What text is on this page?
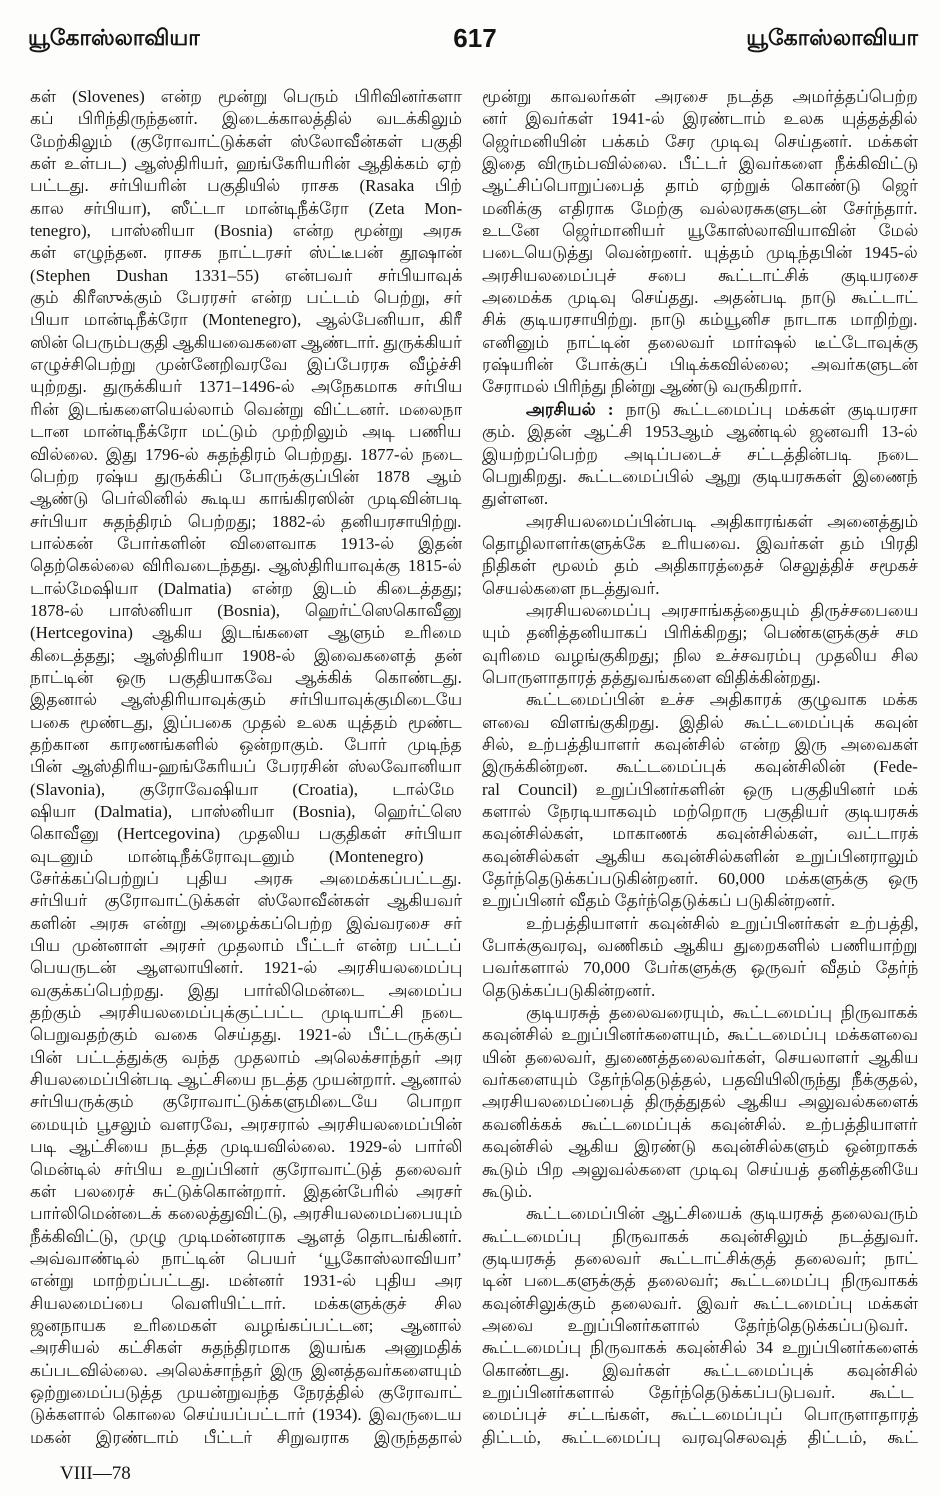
யூகோஸ்லாவியா	617	யூகோஸ்லாவியா
கள் (Slovenes) என்ற மூன்று பெரும் பிரிவினர்களா
கப் பிரிந்திருந்தனர். இடைக்காலத்தில் வடக்கிலும்
மேற்கிலும் (குரோவாட்டுக்கள் ஸ்லோவீன்கள் பகுதி
கள் உள்பட) ஆஸ்திரியர், ஹங்கேரியரின் ஆதிக்கம் ஏற்
பட்டது. சர்பியரின் பகுதியில் ராசக (Rasaka பிற்
கால சர்பியா), ஸீட்டா மான்டிநீக்ரோ (Zeta Mon-
tenegro), பாஸ்னியா (Bosnia) என்ற மூன்று அரசு
கள் எழுந்தன. ராசக நாட்டரசர் ஸ்ட்டீபன் தூஷான்
(Stephen Dushan 1331–55) என்பவர் சர்பியாவுக்
கும் கிரீஸுக்கும் பேரரசர் என்ற பட்டம் பெற்று, சர்
பியா மான்டிநீக்ரோ (Montenegro), ஆல்பேனியா, கிரீ
ஸின் பெரும்பகுதி ஆகியவைகளை ஆண்டார். துருக்கியர்
எழுச்சிபெற்று முன்னேறிவரவே இப்பேரரசு வீழ்ச்சி
யுற்றது. துருக்கியர் 1371–1496-ல் அநேகமாக சர்பிய
ரின் இடங்களையெல்லாம் வென்று விட்டனர். மலைநா
டான மான்டிநீக்ரோ மட்டும் முற்றிலும் அடி பணிய
வில்லை. இது 1796-ல் சுதந்திரம் பெற்றது. 1877-ல் நடை
பெற்ற ரஷ்ய துருக்கிப் போருக்குப்பின் 1878 ஆம்
ஆண்டு பெர்லினில் கூடிய காங்கிரஸின் முடிவின்படி
சர்பியா சுதந்திரம் பெற்றது; 1882-ல் தனியரசாயிற்று.
பால்கன் போர்களின் விளைவாக 1913-ல் இதன்
தெற்கெல்லை விரிவடைந்தது. ஆஸ்திரியாவுக்கு 1815-ல்
டால்மேஷியா (Dalmatia) என்ற இடம் கிடைத்தது;
1878-ல் பாஸ்னியா (Bosnia), ஹெர்ட்ஸெகொவீனு
(Hertcegovina) ஆகிய இடங்களை ஆளும் உரிமை
கிடைத்தது; ஆஸ்திரியா 1908-ல் இவைகளைத் தன்
நாட்டின் ஒரு பகுதியாகவே ஆக்கிக் கொண்டது.
இதனால் ஆஸ்திரியாவுக்கும் சர்பியாவுக்குமிடையே
பகை மூண்டது, இப்பகை முதல் உலக யுத்தம் மூண்ட
தற்கான காரணங்களில் ஒன்றாகும். போர் முடிந்த
பின் ஆஸ்திரிய-ஹங்கேரியப் பேரரசின் ஸ்லவோனியா
(Slavonia), குரோவேஷியா (Croatia), டால்மே
ஷியா (Dalmatia), பாஸ்னியா (Bosnia), ஹெர்ட்ஸெ
கொவீனு (Hertcegovina) முதலிய பகுதிகள் சர்பியா
வுடனும் மான்டிநீக்ரோவுடனும் (Montenegro)
சேர்க்கப்பெற்றுப் புதிய அரசு அமைக்கப்பட்டது.
சர்பியர் குரோவாட்டுக்கள் ஸ்லோவீன்கள் ஆகியவர்
களின் அரசு என்று அழைக்கப்பெற்ற இவ்வரசை சர்
பிய முன்னாள் அரசர் முதலாம் பீட்டர் என்ற பட்டப்
பெயருடன் ஆளலாயினர். 1921-ல் அரசியலமைப்பு
வகுக்கப்பெற்றது. இது பார்லிமென்டை அமைப்ப
தற்கும் அரசியலமைப்புக்குட்பட்ட முடியாட்சி நடை
பெறுவதற்கும் வகை செய்தது. 1921-ல் பீட்டருக்குப்
பின் பட்டத்துக்கு வந்த முதலாம் அலெக்சாந்தர் அர
சியலமைப்பின்படி ஆட்சியை நடத்த முயன்றார். ஆனால்
சர்பியருக்கும் குரோவாட்டுக்களுமிடையே பொறா
மையும் பூசலும் வளரவே, அரசரால் அரசியலமைப்பின்
படி ஆட்சியை நடத்த முடியவில்லை. 1929-ல் பார்லி
மென்டில் சர்பிய உறுப்பினர் குரோவாட்டுத் தலைவர்
கள் பலரைச் சுட்டுக்கொன்றார். இதன்பேரில் அரசர்
பார்லிமென்டைக் கலைத்துவிட்டு, அரசியலமைப்பையும்
நீக்கிவிட்டு, முழு முடிமன்னராக ஆளத் தொடங்கினர்.
அவ்வாண்டில் நாட்டின் பெயர் ‘யூகோஸ்லாவியா’
என்று மாற்றப்பட்டது. மன்னர் 1931-ல் புதிய அர
சியலமைப்பை வெளியிட்டார். மக்களுக்குச் சில
ஜனநாயக உரிமைகள் வழங்கப்பட்டன; ஆனால்
அரசியல் கட்சிகள் சுதந்திரமாக இயங்க அனுமதிக்
கப்படவில்லை. அலெக்சாந்தர் இரு இனத்தவர்களையும்
ஒற்றுமைப்படுத்த முயன்றுவந்த நேரத்தில் குரோவாட்
டுக்களால் கொலை செய்யப்பட்டார் (1934). இவருடைய
மகன் இரண்டாம் பீட்டர் சிறுவராக இருந்ததால்
மூன்று காவலர்கள் அரசை நடத்த அமர்த்தப்பெற்ற
னர் இவர்கள் 1941-ல் இரண்டாம் உலக யுத்தத்தில்
ஜெர்மனியின் பக்கம் சேர முடிவு செய்தனர். மக்கள்
இதை விரும்பவில்லை. பீட்டர் இவர்களை நீக்கிவிட்டு
ஆட்சிப்பொறுப்பைத் தாம் ஏற்றுக் கொண்டு ஜெர்
மனிக்கு எதிராக மேற்கு வல்லரசுகளுடன் சேர்ந்தார்.
உடனே ஜெர்மானியர் யூகோஸ்லாவியாவின் மேல்
படையெடுத்து வென்றனர். யுத்தம் முடிந்தபின் 1945-ல்
அரசியலமைப்புச் சபை கூட்டாட்சிக் குடியரசை
அமைக்க முடிவு செய்தது. அதன்படி நாடு கூட்டாட்
சிக் குடியரசாயிற்று. நாடு கம்யூனிச நாடாக மாறிற்று.
எனினும் நாட்டின் தலைவர் மார்ஷல் டீட்டோவுக்கு
ரஷ்யரின் போக்குப் பிடிக்கவில்லை; அவர்களுடன்
சேராமல் பிரிந்து நின்று ஆண்டு வருகிறார்.
அரசியல் : நாடு கூட்டமைப்பு மக்கள் குடியரசா
கும். இதன் ஆட்சி 1953ஆம் ஆண்டில் ஜனவரி 13-ல்
இயற்றப்பெற்ற அடிப்படைச் சட்டத்தின்படி நடை
பெறுகிறது. கூட்டமைப்பில் ஆறு குடியரசுகள் இணைந்
துள்ளன.
அரசியலமைப்பின்படி அதிகாரங்கள் அனைத்தும்
தொழிலாளர்களுக்கே உரியவை. இவர்கள் தம் பிரதி
நிதிகள் மூலம் தம் அதிகாரத்தைச் செலுத்திச் சமூகச்
செயல்களை நடத்துவர்.
அரசியலமைப்பு அரசாங்கத்தையும் திருச்சபையை
யும் தனித்தனியாகப் பிரிக்கிறது; பெண்களுக்குச் சம
வுரிமை வழங்குகிறது; நில உச்சவரம்பு முதலிய சில
பொருளாதாரத் தத்துவங்களை விதிக்கின்றது.
கூட்டமைப்பின் உச்ச அதிகாரக் குழுவாக மக்க
ளவை விளங்குகிறது. இதில் கூட்டமைப்புக் கவுன்
சில், உற்பத்தியாளர் கவுன்சில் என்ற இரு அவைகள்
இருக்கின்றன. கூட்டமைப்புக் கவுன்சிலின் (Fede-
ral Council) உறுப்பினர்களின் ஒரு பகுதியினர் மக்
களால் நேரடியாகவும் மற்றொரு பகுதியர் குடியரசுக்
கவுன்சில்கள், மாகாணக் கவுன்சில்கள், வட்டாரக்
கவுன்சில்கள் ஆகிய கவுன்சில்களின் உறுப்பினராலும்
தேர்ந்தெடுக்கப்படுகின்றனர். 60,000 மக்களுக்கு ஒரு
உறுப்பினர் வீதம் தேர்ந்தெடுக்கப் படுகின்றனர்.
உற்பத்தியாளர் கவுன்சில் உறுப்பினர்கள் உற்பத்தி,
போக்குவரவு, வணிகம் ஆகிய துறைகளில் பணியாற்று
பவர்களால் 70,000 பேர்களுக்கு ஒருவர் வீதம் தேர்ந்
தெடுக்கப்படுகின்றனர்.
குடியரசுத் தலைவரையும், கூட்டமைப்பு நிருவாகக்
கவுன்சில் உறுப்பினர்களையும், கூட்டமைப்பு மக்களவை
யின் தலைவர், துணைத்தலைவர்கள், செயலாளர் ஆகிய
வர்களையும் தேர்ந்தெடுத்தல், பதவியிலிருந்து நீக்குதல்,
அரசியலமைப்பைத் திருத்துதல் ஆகிய அலுவல்களைக்
கவனிக்கக் கூட்டமைப்புக் கவுன்சில். உற்பத்தியாளர்
கவுன்சில் ஆகிய இரண்டு கவுன்சில்களும் ஒன்றாகக்
கூடும் பிற அலுவல்களை முடிவு செய்யத் தனித்தனியே
கூடும்.
கூட்டமைப்பின் ஆட்சியைக் குடியரசுத் தலைவரும்
கூட்டமைப்பு நிருவாகக் கவுன்சிலும் நடத்துவர்.
குடியரசுத் தலைவர் கூட்டாட்சிக்குத் தலைவர்; நாட்
டின் படைகளுக்குத் தலைவர்; கூட்டமைப்பு நிருவாகக்
கவுன்சிலுக்கும் தலைவர். இவர் கூட்டமைப்பு மக்கள்
அவை உறுப்பினர்களால் தேர்ந்தெடுக்கப்படுவர்.
கூட்டமைப்பு நிருவாகக் கவுன்சில் 34 உறுப்பினர்களைக்
கொண்டது. இவர்கள் கூட்டமைப்புக் கவுன்சில்
உறுப்பினர்களால் தேர்ந்தெடுக்கப்படுபவர். கூட்ட
மைப்புச் சட்டங்கள், கூட்டமைப்புப் பொருளாதாரத்
திட்டம், கூட்டமைப்பு வரவுசெலவுத் திட்டம், கூட்
VIII—78
